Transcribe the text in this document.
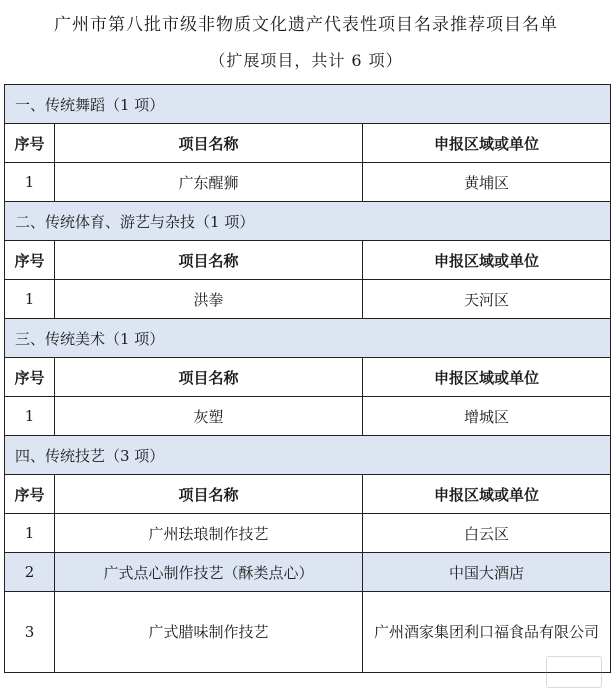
广州市第八批市级非物质文化遗产代表性项目名录推荐项目名单
（扩展项目，共计 6 项）
一、传统舞蹈（1 项）		
序号	项目名称	申报区域或单位
1	广东醒狮	黄埔区
二、传统体育、游艺与杂技（1 项）		
序号	项目名称	申报区域或单位
1	洪拳	天河区
三、传统美术（1 项）		
序号	项目名称	申报区域或单位
1	灰塑	增城区
四、传统技艺（3 项）		
序号	项目名称	申报区域或单位
1	广州珐琅制作技艺	白云区
2	广式点心制作技艺（酥类点心）	中国大酒店
3	广式腊味制作技艺	广州酒家集团利口福食品有限公司
